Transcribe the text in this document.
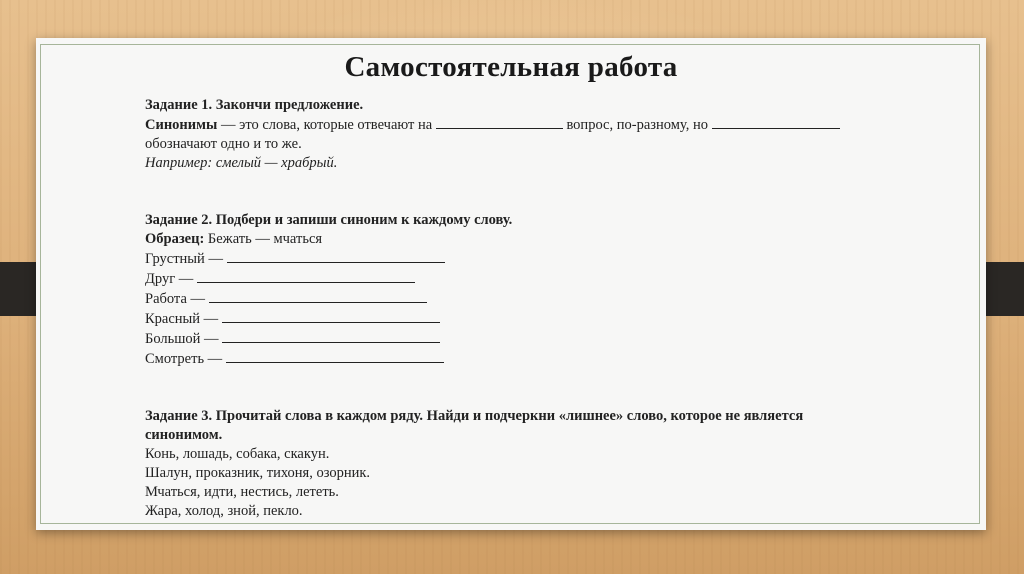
Самостоятельная работа

Задание 1. Закончи предложение.

Синонимы — это слова, которые отвечают на	вопрос, по-разному, но

обозначают одно и то же.

Например: смелый — храбрый.

Задание 2. Подбери и запиши синоним к каждому слову.

Образец: Бежать — мчаться

Грустный —

Друг —

Работа —

Красный —

Большой —

Смотреть —

Задание 3. Прочитай слова в каждом ряду. Найди и подчеркни «лишнее» слово, которое не является

синонимом.

Конь, лошадь, собака, скакун.

Шалун, проказник, тихоня, озорник.

Мчаться, идти, нестись, лететь.

Жара, холод, зной, пекло.
